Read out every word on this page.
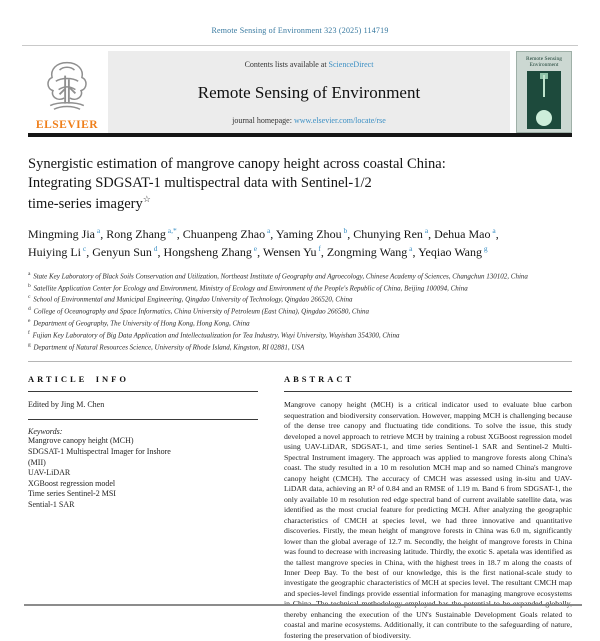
Remote Sensing of Environment 323 (2025) 114719
ELSEVIER
Contents lists available at ScienceDirect
Remote Sensing of Environment
journal homepage: www.elsevier.com/locate/rse
Remote Sensing
Environment
Synergistic estimation of mangrove canopy height across coastal China:
Integrating SDGSAT-1 multispectral data with Sentinel-1/2
time-series imagery☆
Mingming Jia $^a$, Rong Zhang $^{a,*}$, Chuanpeng Zhao $^a$, Yaming Zhou $^b$, Chunying Ren $^a$, Dehua Mao $^a$, Huiying Li $^c$, Genyun Sun $^d$, Hongsheng Zhang $^e$, Wensen Yu $^f$, Zongming Wang $^a$, Yeqiao Wang $^g$
$^a$ State Key Laboratory of Black Soils Conservation and Utilization, Northeast Institute of Geography and Agroecology, Chinese Academy of Sciences, Changchun 130102, China
$^b$ Satellite Application Center for Ecology and Environment, Ministry of Ecology and Environment of the People's Republic of China, Beijing 100094, China
$^c$ School of Environmental and Municipal Engineering, Qingdao University of Technology, Qingdao 266520, China
$^d$ College of Oceanography and Space Informatics, China University of Petroleum (East China), Qingdao 266580, China
$^e$ Department of Geography, The University of Hong Kong, Hong Kong, China
$^f$ Fujian Key Laboratory of Big Data Application and Intellectualization for Tea Industry, Wuyi University, Wuyishan 354300, China
$^g$ Department of Natural Resources Science, University of Rhode Island, Kingston, RI 02881, USA
ARTICLE INFO
Edited by Jing M. Chen
Keywords:
Mangrove canopy height (MCH)
SDGSAT-1 Multispectral Imager for Inshore (MII)
UAV-LiDAR
XGBoost regression model
Time series Sentinel-2 MSI
Sential-1 SAR
ABSTRACT
Mangrove canopy height (MCH) is a critical indicator used to evaluate blue carbon sequestration and biodiversity conservation. However, mapping MCH is challenging because of the dense tree canopy and fluctuating tide conditions. To solve the issue, this study developed a novel approach to retrieve MCH by training a robust XGBoost regression model using UAV-LiDAR, SDGSAT-1, and time series Sentinel-1 SAR and Sentinel-2 Multi-Spectral Instrument imagery. The approach was applied to mangrove forests along China's coast. The study resulted in a 10 m resolution MCH map and so named China's mangrove canopy height (CMCH). The accuracy of CMCH was assessed using in-situ and UAV-LiDAR data, achieving an R² of 0.84 and an RMSE of 1.19 m. Band 6 from SDGSAT-1, the only available 10 m resolution red edge spectral band of current available satellite data, was identified as the most crucial feature for predicting MCH. After analyzing the geographic characteristics of CMCH at species level, we had three innovative and quantitative discoveries. Firstly, the mean height of mangrove forests in China was 6.0 m, significantly lower than the global average of 12.7 m. Secondly, the height of mangrove forests in China was found to decrease with increasing latitude. Thirdly, the exotic S. apetala was identified as the tallest mangrove species in China, with the highest trees in 18.7 m along the coasts of Inner Deep Bay. To the best of our knowledge, this is the first national-scale study to investigate the geographic characteristics of MCH at species level. The resultant CMCH map and species-level findings provide essential information for managing mangrove ecosystems in China. The technical methodology employed has the potential to be expanded globally, thereby enhancing the execution of the UN's Sustainable Development Goals related to coastal and marine ecosystems. Additionally, it can contribute to the safeguarding of nature, fostering the preservation of biodiversity.
